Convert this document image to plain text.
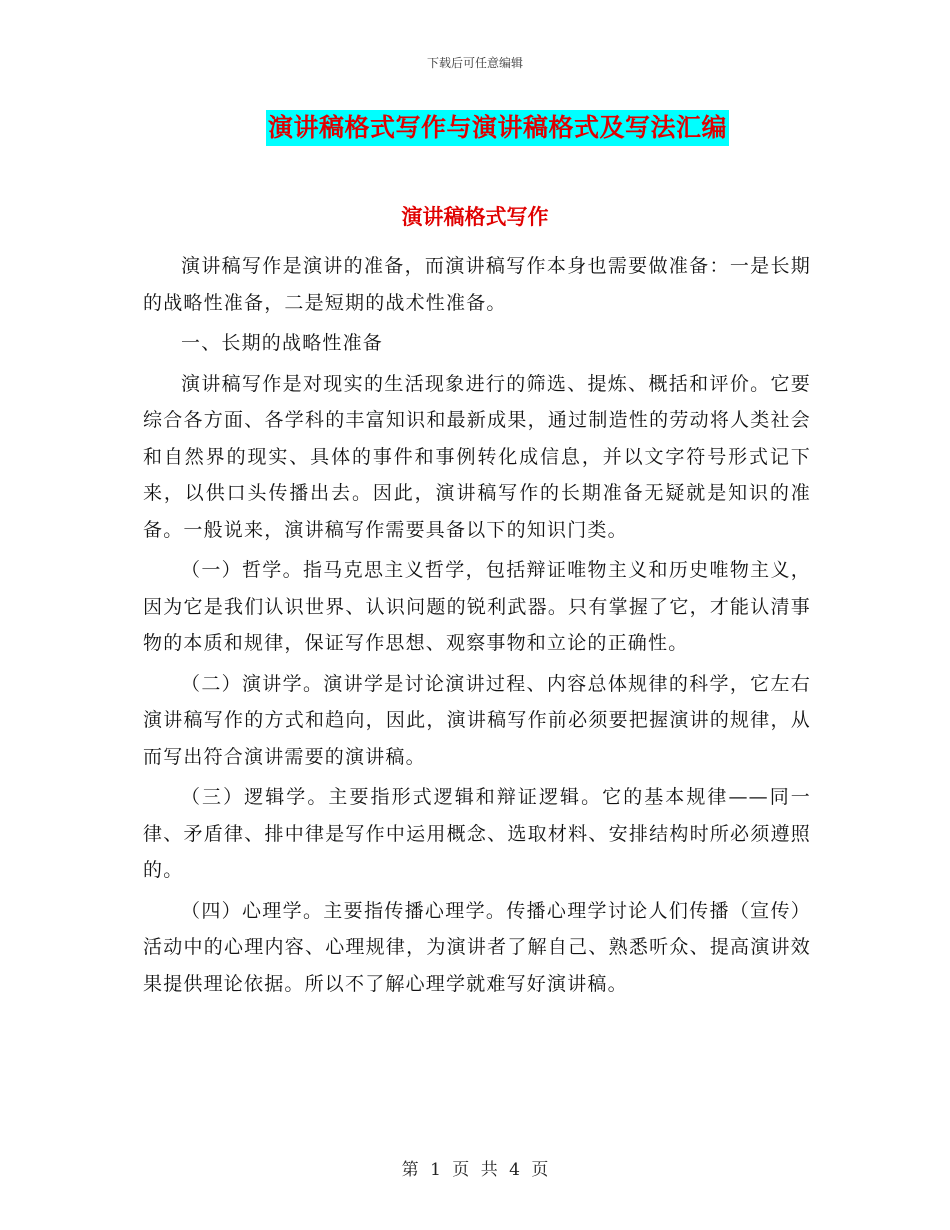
下载后可任意编辑
演讲稿格式写作与演讲稿格式及写法汇编
演讲稿格式写作

演讲稿写作是演讲的准备，而演讲稿写作本身也需要做准备：一是长期的战略性准备，二是短期的战术性准备。

一、长期的战略性准备

演讲稿写作是对现实的生活现象进行的筛选、提炼、概括和评价。它要综合各方面、各学科的丰富知识和最新成果，通过制造性的劳动将人类社会和自然界的现实、具体的事件和事例转化成信息，并以文字符号形式记下来，以供口头传播出去。因此，演讲稿写作的长期准备无疑就是知识的准备。一般说来，演讲稿写作需要具备以下的知识门类。

（一）哲学。指马克思主义哲学，包括辩证唯物主义和历史唯物主义，因为它是我们认识世界、认识问题的锐利武器。只有掌握了它，才能认清事物的本质和规律，保证写作思想、观察事物和立论的正确性。

（二）演讲学。演讲学是讨论演讲过程、内容总体规律的科学，它左右演讲稿写作的方式和趋向，因此，演讲稿写作前必须要把握演讲的规律，从而写出符合演讲需要的演讲稿。

（三）逻辑学。主要指形式逻辑和辩证逻辑。它的基本规律——同一律、矛盾律、排中律是写作中运用概念、选取材料、安排结构时所必须遵照的。

（四）心理学。主要指传播心理学。传播心理学讨论人们传播（宣传）活动中的心理内容、心理规律，为演讲者了解自己、熟悉听众、提高演讲效果提供理论依据。所以不了解心理学就难写好演讲稿。

第 1 页 共 4 页
